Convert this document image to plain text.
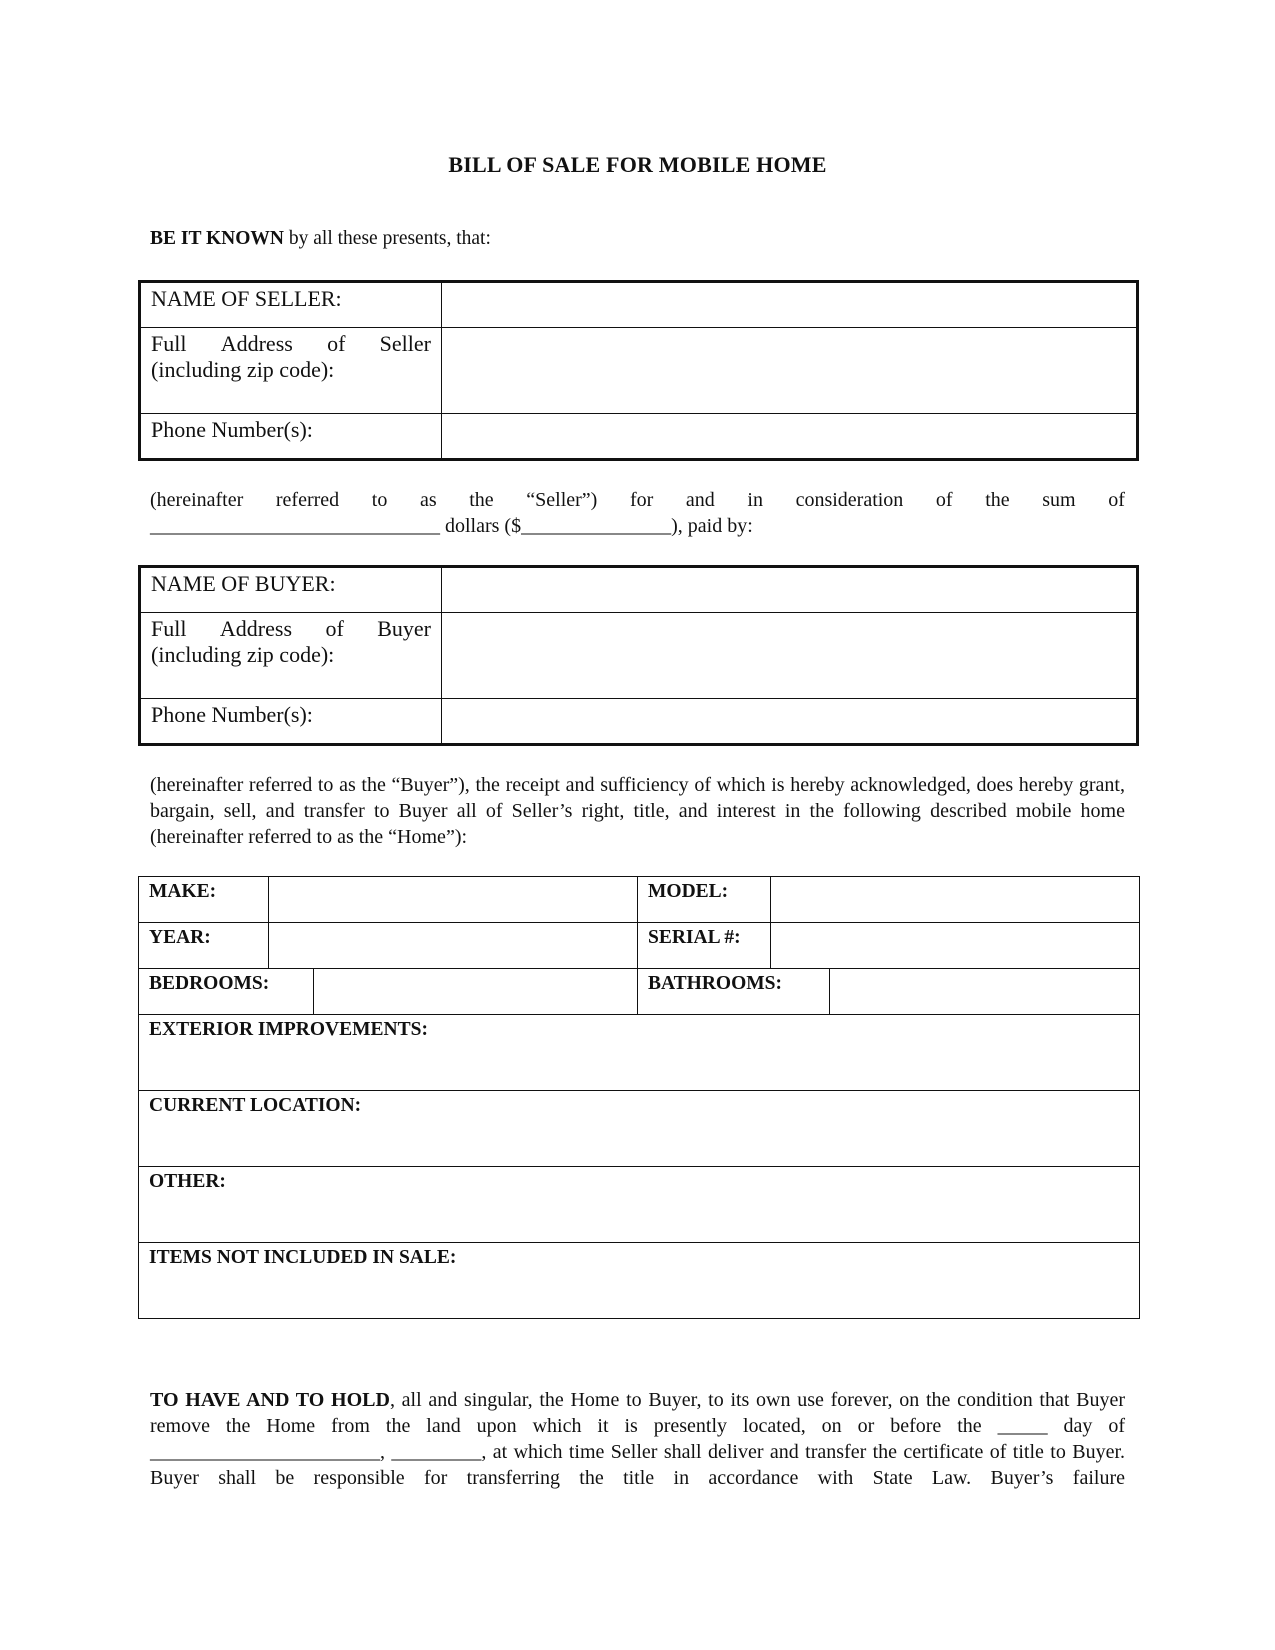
BILL OF SALE FOR MOBILE HOME
BE IT KNOWN by all these presents, that:
NAME OF SELLER:	

Full Address of Seller
(including zip code):	

Phone Number(s):	
(hereinafter referred to as the “Seller”) for and in consideration of the sum of
_____________________________ dollars ($_______________), paid by:
NAME OF BUYER:	

Full Address of Buyer
(including zip code):	

Phone Number(s):	
(hereinafter referred to as the “Buyer”), the receipt and sufficiency of which is hereby acknowledged, does hereby grant, bargain, sell, and transfer to Buyer all of Seller’s right, title, and interest in the following described mobile home (hereinafter referred to as the “Home”):
MAKE:			MODEL:		
YEAR:			SERIAL #:		
BEDROOMS:			BATHROOMS:		
EXTERIOR IMPROVEMENTS:					
CURRENT LOCATION:					
OTHER:					
ITEMS NOT INCLUDED IN SALE:					
TO HAVE AND TO HOLD, all and singular, the Home to Buyer, to its own use forever, on the condition that Buyer remove the Home from the land upon which it is presently located, on or before the _____ day of _______________________, _________, at which time Seller shall deliver and transfer the certificate of title to Buyer. Buyer shall be responsible for transferring the title in accordance with State Law. Buyer’s failure
